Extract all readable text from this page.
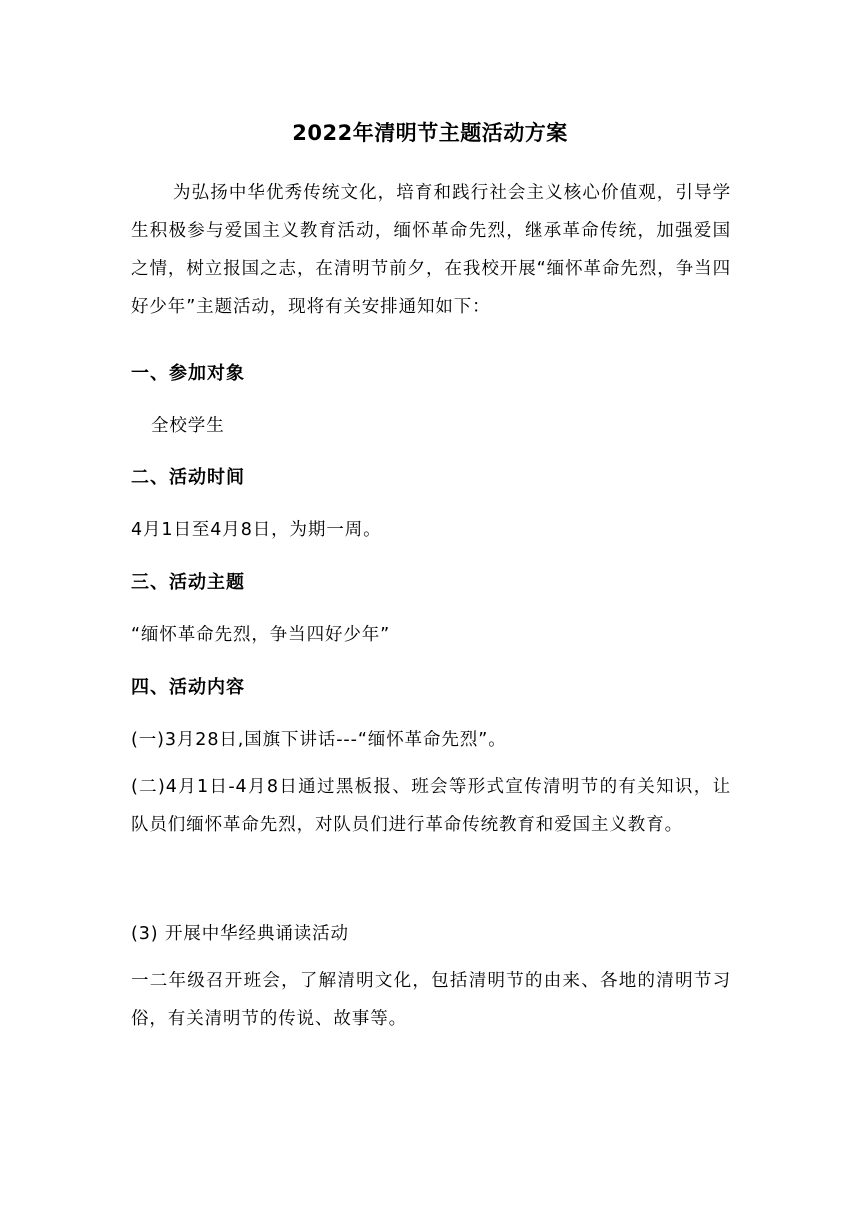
2022年清明节主题活动方案

为弘扬中华优秀传统文化，培育和践行社会主义核心价值观，引导学生积极参与爱国主义教育活动，缅怀革命先烈，继承革命传统，加强爱国之情，树立报国之志，在清明节前夕，在我校开展“缅怀革命先烈，争当四好少年”主题活动，现将有关安排通知如下：

一、参加对象
全校学生
二、活动时间
4月1日至4月8日，为期一周。
三、活动主题
“缅怀革命先烈，争当四好少年”
四、活动内容
(一)3月28日,国旗下讲话---“缅怀革命先烈”。

(二)4月1日-4月8日通过黑板报、班会等形式宣传清明节的有关知识，让队员们缅怀革命先烈，对队员们进行革命传统教育和爱国主义教育。

(3) 开展中华经典诵读活动

一二年级召开班会，了解清明文化，包括清明节的由来、各地的清明节习俗，有关清明节的传说、故事等。
